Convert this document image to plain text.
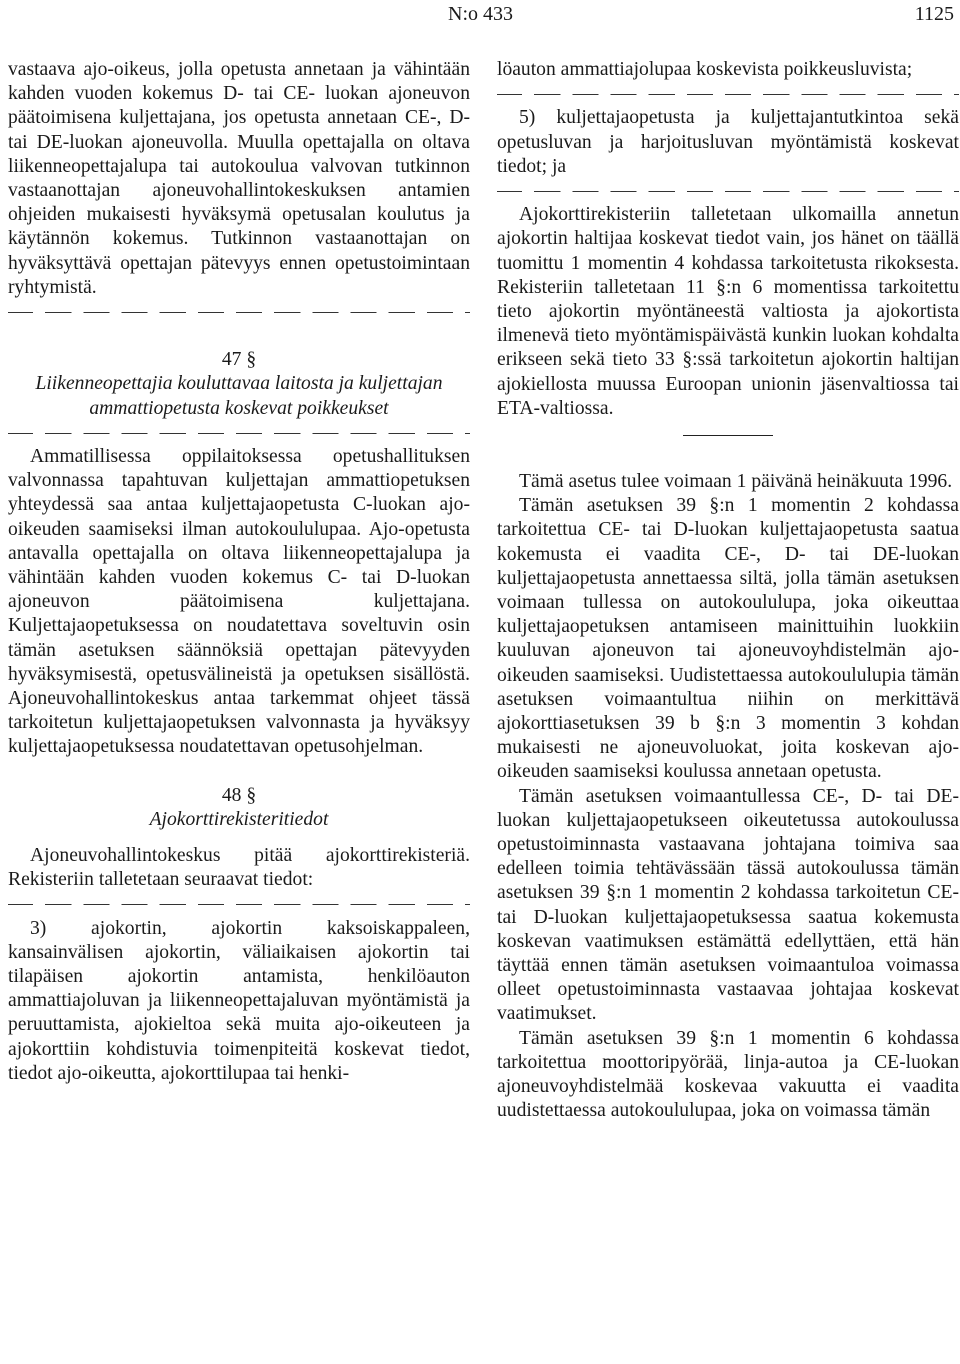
N:o 433	1125

vastaava ajo-oikeus, jolla opetusta annetaan ja vähintään kahden vuoden kokemus D- tai CE- luokan ajoneuvon päätoimisena kuljettajana, jos opetusta annetaan CE-, D- tai DE-luokan ajoneuvolla. Muulla opettajalla on oltava liikenneopettajalupa tai autokoulua valvovan tutkinnon vastaanottajan ajoneuvohallintokeskuksen antamien ohjeiden mukaisesti hyväksymä opetusalan koulutus ja käytännön kokemus. Tutkinnon vastaanottajan on hyväksyttävä opettajan pätevyys ennen opetustoimintaan ryhtymistä.

47 §
Liikenneopettajia kouluttavaa laitosta ja kuljettajan ammattiopetusta koskevat poikkeukset

Ammatillisessa oppilaitoksessa opetushallituksen valvonnassa tapahtuvan kuljettajan ammattiopetuksen yhteydessä saa antaa kuljettajaopetusta C-luokan ajo-oikeuden saamiseksi ilman autokoululupaa. Ajo-opetusta antavalla opettajalla on oltava liikenneopettajalupa ja vähintään kahden vuoden kokemus C- tai D-luokan ajoneuvon päätoimisena kuljettajana. Kuljettajaopetuksessa on noudatettava soveltuvin osin tämän asetuksen säännöksiä opettajan pätevyyden hyväksymisestä, opetusvälineistä ja opetuksen sisällöstä. Ajoneuvohallintokeskus antaa tarkemmat ohjeet tässä tarkoitetun kuljettajaopetuksen valvonnasta ja hyväksyy kuljettajaopetuksessa noudatettavan opetusohjelman.

48 §
Ajokorttirekisteritiedot

Ajoneuvohallintokeskus pitää ajokorttirekisteriä. Rekisteriin talletetaan seuraavat tiedot:

3) ajokortin, ajokortin kaksoiskappaleen, kansainvälisen ajokortin, väliaikaisen ajokortin tai tilapäisen ajokortin antamista, henkilöauton ammattiajoluvan ja liikenneopettajaluvan myöntämistä ja peruuttamista, ajokieltoa sekä muita ajo-oikeuteen ja ajokorttiin kohdistuvia toimenpiteitä koskevat tiedot, tiedot ajo-oikeutta, ajokorttilupaa tai henki-

löauton ammattiajolupaa koskevista poikkeusluvista;

5) kuljettajaopetusta ja kuljettajantutkintoa sekä opetusluvan ja harjoitusluvan myöntämistä koskevat tiedot; ja

Ajokorttirekisteriin talletetaan ulkomailla annetun ajokortin haltijaa koskevat tiedot vain, jos hänet on täällä tuomittu 1 momentin 4 kohdassa tarkoitetusta rikoksesta. Rekisteriin talletetaan 11 §:n 6 momentissa tarkoitettu tieto ajokortin myöntäneestä valtiosta ja ajokortista ilmenevä tieto myöntämispäivästä kunkin luokan kohdalta erikseen sekä tieto 33 §:ssä tarkoitetun ajokortin haltijan ajokiellosta muussa Euroopan unionin jäsenvaltiossa tai ETA-valtiossa.

Tämä asetus tulee voimaan 1 päivänä heinäkuuta 1996.

Tämän asetuksen 39 §:n 1 momentin 2 kohdassa tarkoitettua CE- tai D-luokan kuljettajaopetusta saatua kokemusta ei vaadita CE-, D- tai DE-luokan kuljettajaopetusta annettaessa siltä, jolla tämän asetuksen voimaan tullessa on autokoululupa, joka oikeuttaa kuljettajaopetuksen antamiseen mainittuihin luokkiin kuuluvan ajoneuvon tai ajoneuvoyhdistelmän ajo-oikeuden saamiseksi. Uudistettaessa autokoululupia tämän asetuksen voimaantultua niihin on merkittävä ajokorttiasetuksen 39 b §:n 3 momentin 3 kohdan mukaisesti ne ajoneuvoluokat, joita koskevan ajo-oikeuden saamiseksi koulussa annetaan opetusta.

Tämän asetuksen voimaantullessa CE-, D- tai DE-luokan kuljettajaopetukseen oikeutetussa autokoulussa opetustoiminnasta vastaavana johtajana toimiva saa edelleen toimia tehtävässään tässä autokoulussa tämän asetuksen 39 §:n 1 momentin 2 kohdassa tarkoitetun CE- tai D-luokan kuljettajaopetuksessa saatua kokemusta koskevan vaatimuksen estämättä edellyttäen, että hän täyttää ennen tämän asetuksen voimaantuloa voimassa olleet opetustoiminnasta vastaavaa johtajaa koskevat vaatimukset.

Tämän asetuksen 39 §:n 1 momentin 6 kohdassa tarkoitettua moottoripyörää, linja-autoa ja CE-luokan ajoneuvoyhdistelmää koskevaa vakuutta ei vaadita uudistettaessa autokoululupaa, joka on voimassa tämän
